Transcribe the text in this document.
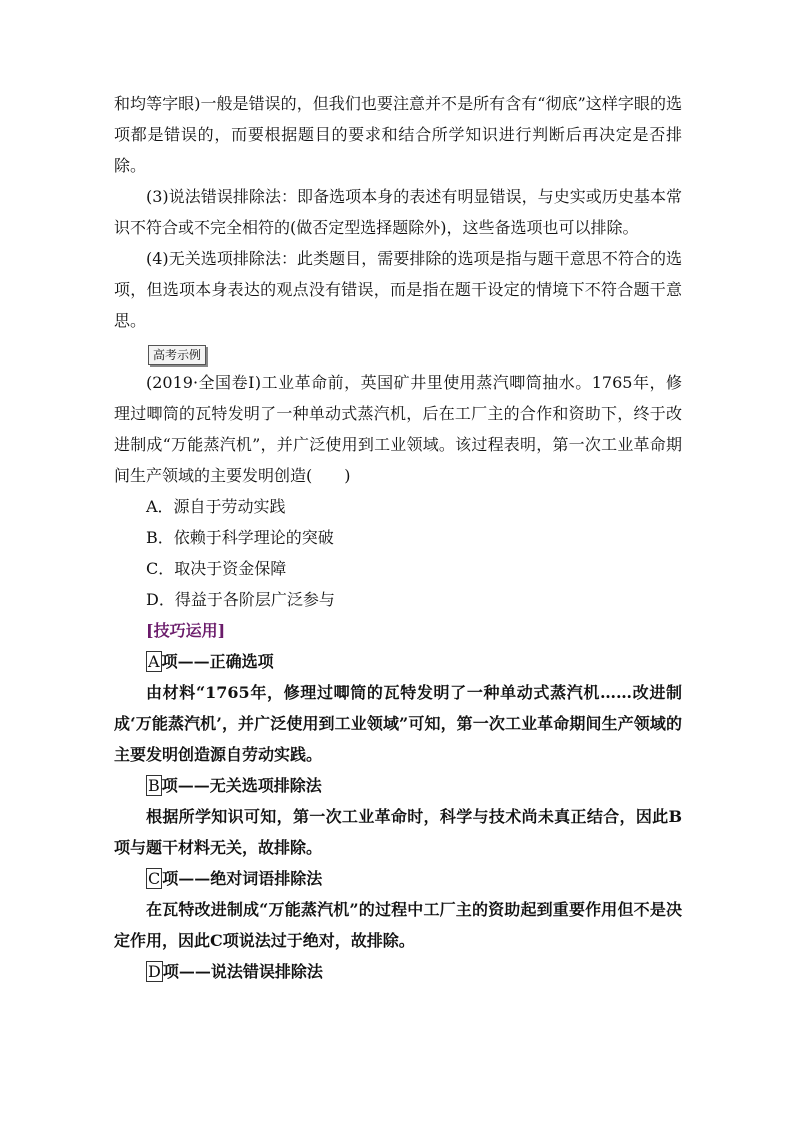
和均等字眼)一般是错误的，但我们也要注意并不是所有含有“彻底”这样字眼的选项都是错误的，而要根据题目的要求和结合所学知识进行判断后再决定是否排除。

(3)说法错误排除法：即备选项本身的表述有明显错误，与史实或历史基本常识不符合或不完全相符的(做否定型选择题除外)，这些备选项也可以排除。

(4)无关选项排除法：此类题目，需要排除的选项是指与题干意思不符合的选项，但选项本身表达的观点没有错误，而是指在题干设定的情境下不符合题干意思。

高考示例

(2019·全国卷Ⅰ)工业革命前，英国矿井里使用蒸汽唧筒抽水。1765年，修理过唧筒的瓦特发明了一种单动式蒸汽机，后在工厂主的合作和资助下，终于改进制成“万能蒸汽机”，并广泛使用到工业领域。该过程表明，第一次工业革命期间生产领域的主要发明创造(　　)

A．源自于劳动实践

B．依赖于科学理论的突破

C．取决于资金保障

D．得益于各阶层广泛参与

[技巧运用]

A 项——正确选项

由材料“1765年，修理过唧筒的瓦特发明了一种单动式蒸汽机……改进制成‘万能蒸汽机’，并广泛使用到工业领域”可知，第一次工业革命期间生产领域的主要发明创造源自劳动实践。

B 项——无关选项排除法

根据所学知识可知，第一次工业革命时，科学与技术尚未真正结合，因此B项与题干材料无关，故排除。

C 项——绝对词语排除法

在瓦特改进制成“万能蒸汽机”的过程中工厂主的资助起到重要作用但不是决定作用，因此C项说法过于绝对，故排除。

D 项——说法错误排除法
